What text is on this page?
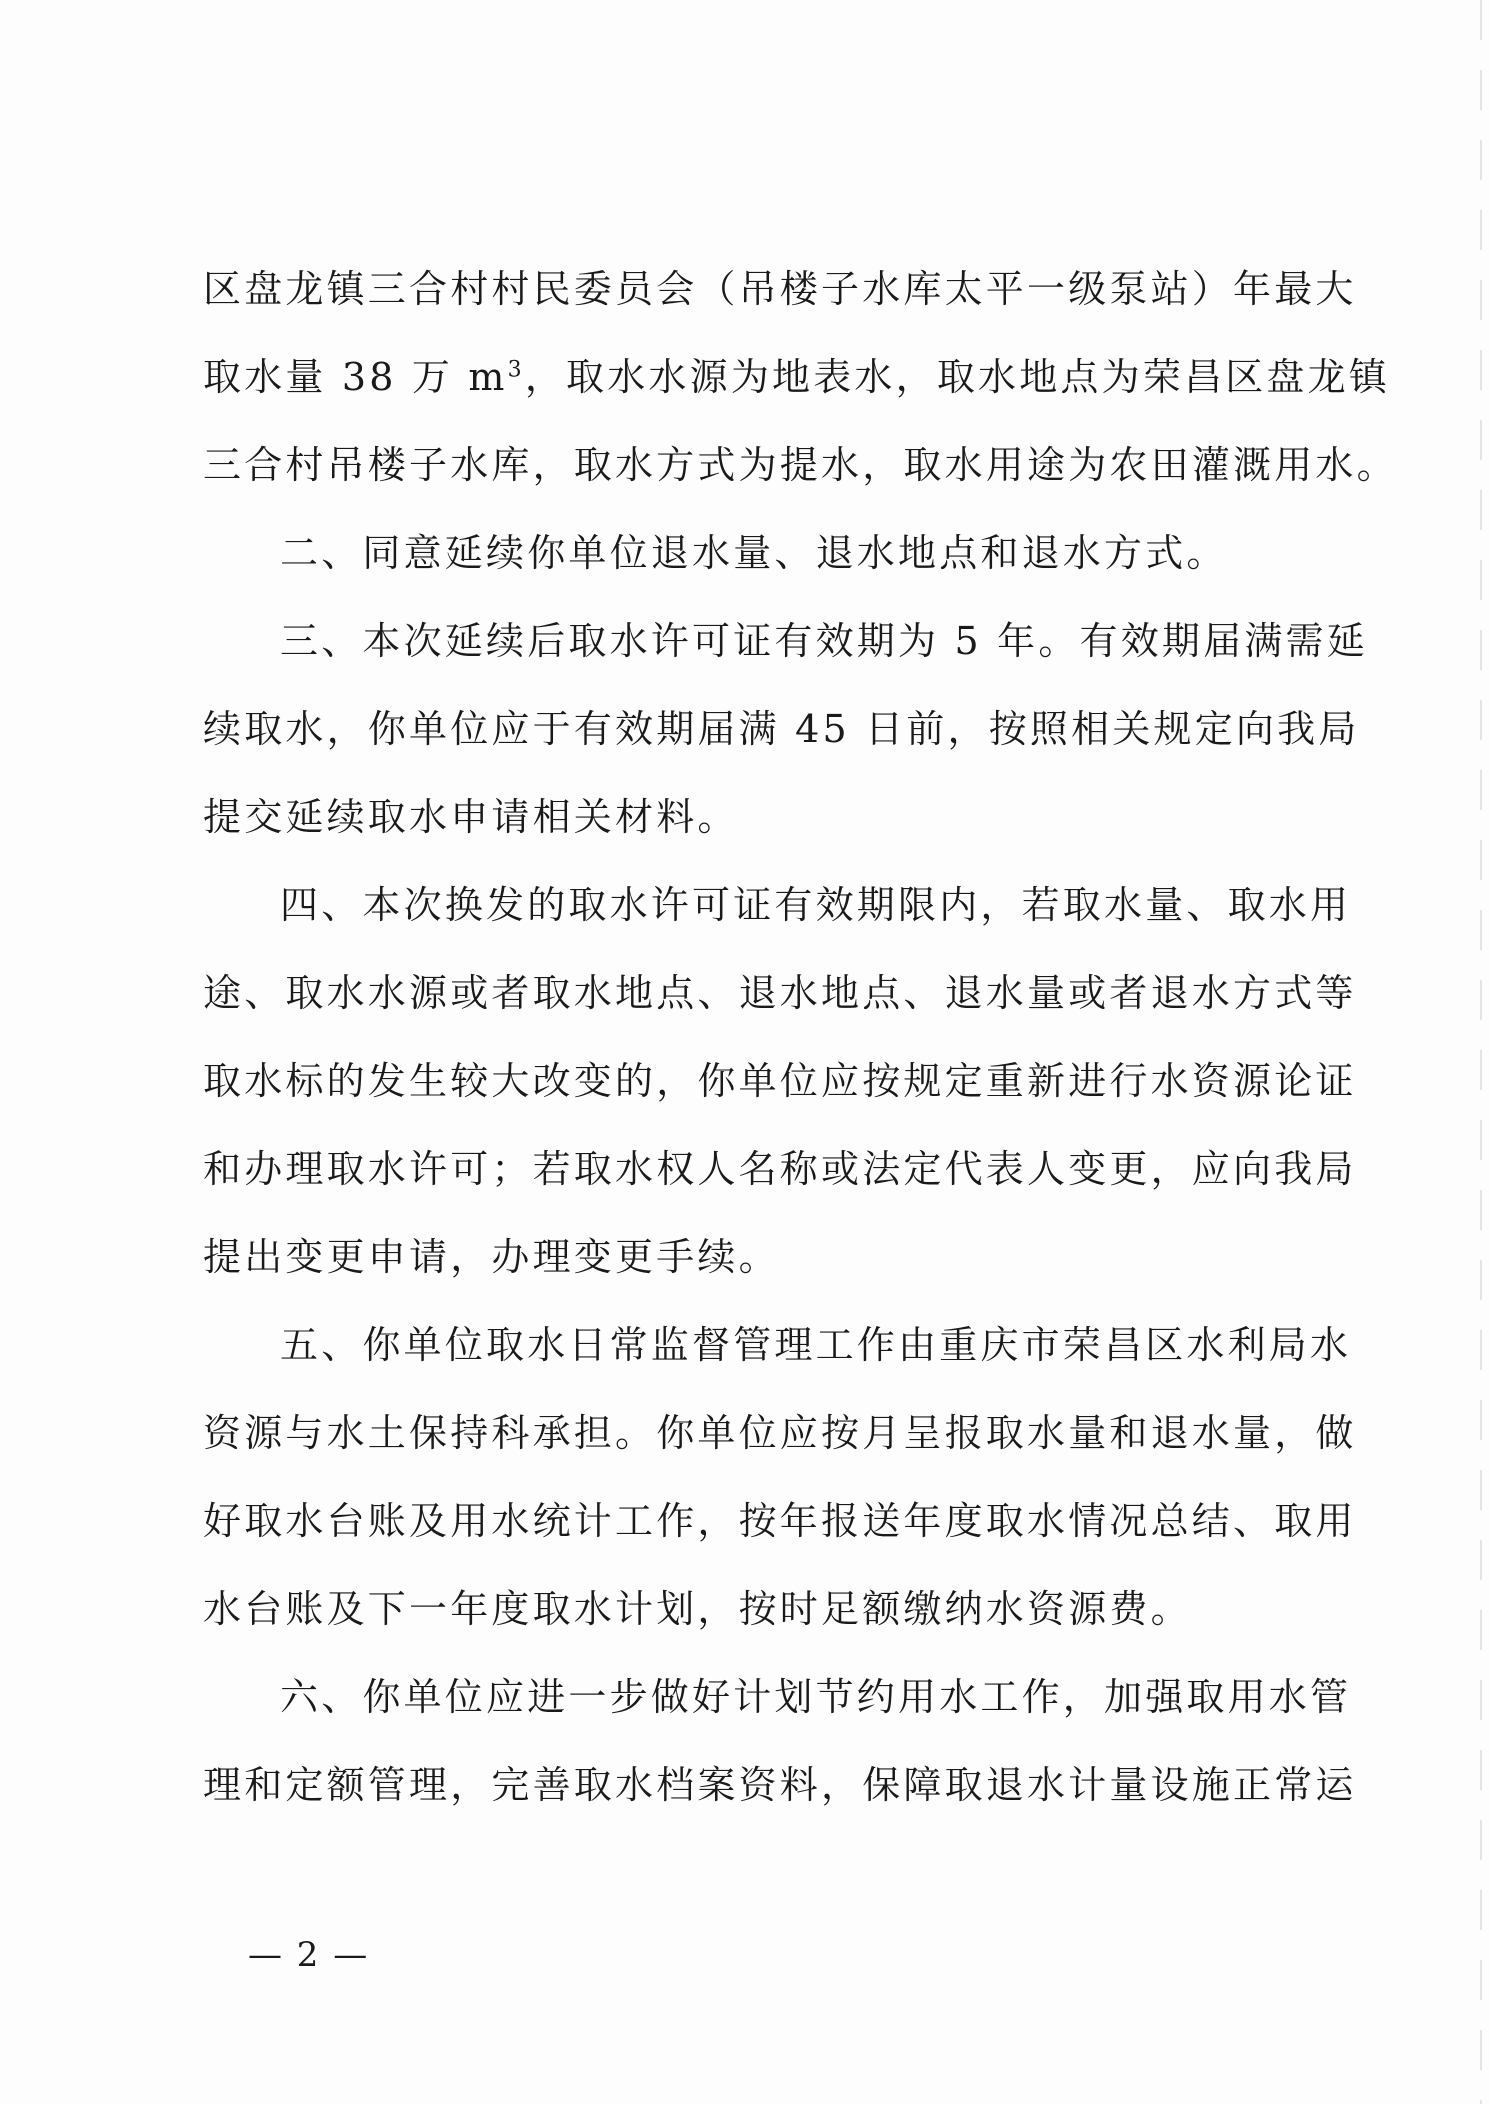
区盘龙镇三合村村民委员会（吊楼子水库太平一级泵站）年最大
取水量 38 万 $m^3$，取水水源为地表水，取水地点为荣昌区盘龙镇
三合村吊楼子水库，取水方式为提水，取水用途为农田灌溉用水。
二、同意延续你单位退水量、退水地点和退水方式。
三、本次延续后取水许可证有效期为 5 年。有效期届满需延
续取水，你单位应于有效期届满 45 日前，按照相关规定向我局
提交延续取水申请相关材料。
四、本次换发的取水许可证有效期限内，若取水量、取水用
途、取水水源或者取水地点、退水地点、退水量或者退水方式等
取水标的发生较大改变的，你单位应按规定重新进行水资源论证
和办理取水许可；若取水权人名称或法定代表人变更，应向我局
提出变更申请，办理变更手续。
五、你单位取水日常监督管理工作由重庆市荣昌区水利局水
资源与水土保持科承担。你单位应按月呈报取水量和退水量，做
好取水台账及用水统计工作，按年报送年度取水情况总结、取用
水台账及下一年度取水计划，按时足额缴纳水资源费。
六、你单位应进一步做好计划节约用水工作，加强取用水管
理和定额管理，完善取水档案资料，保障取退水计量设施正常运
— 2 —
